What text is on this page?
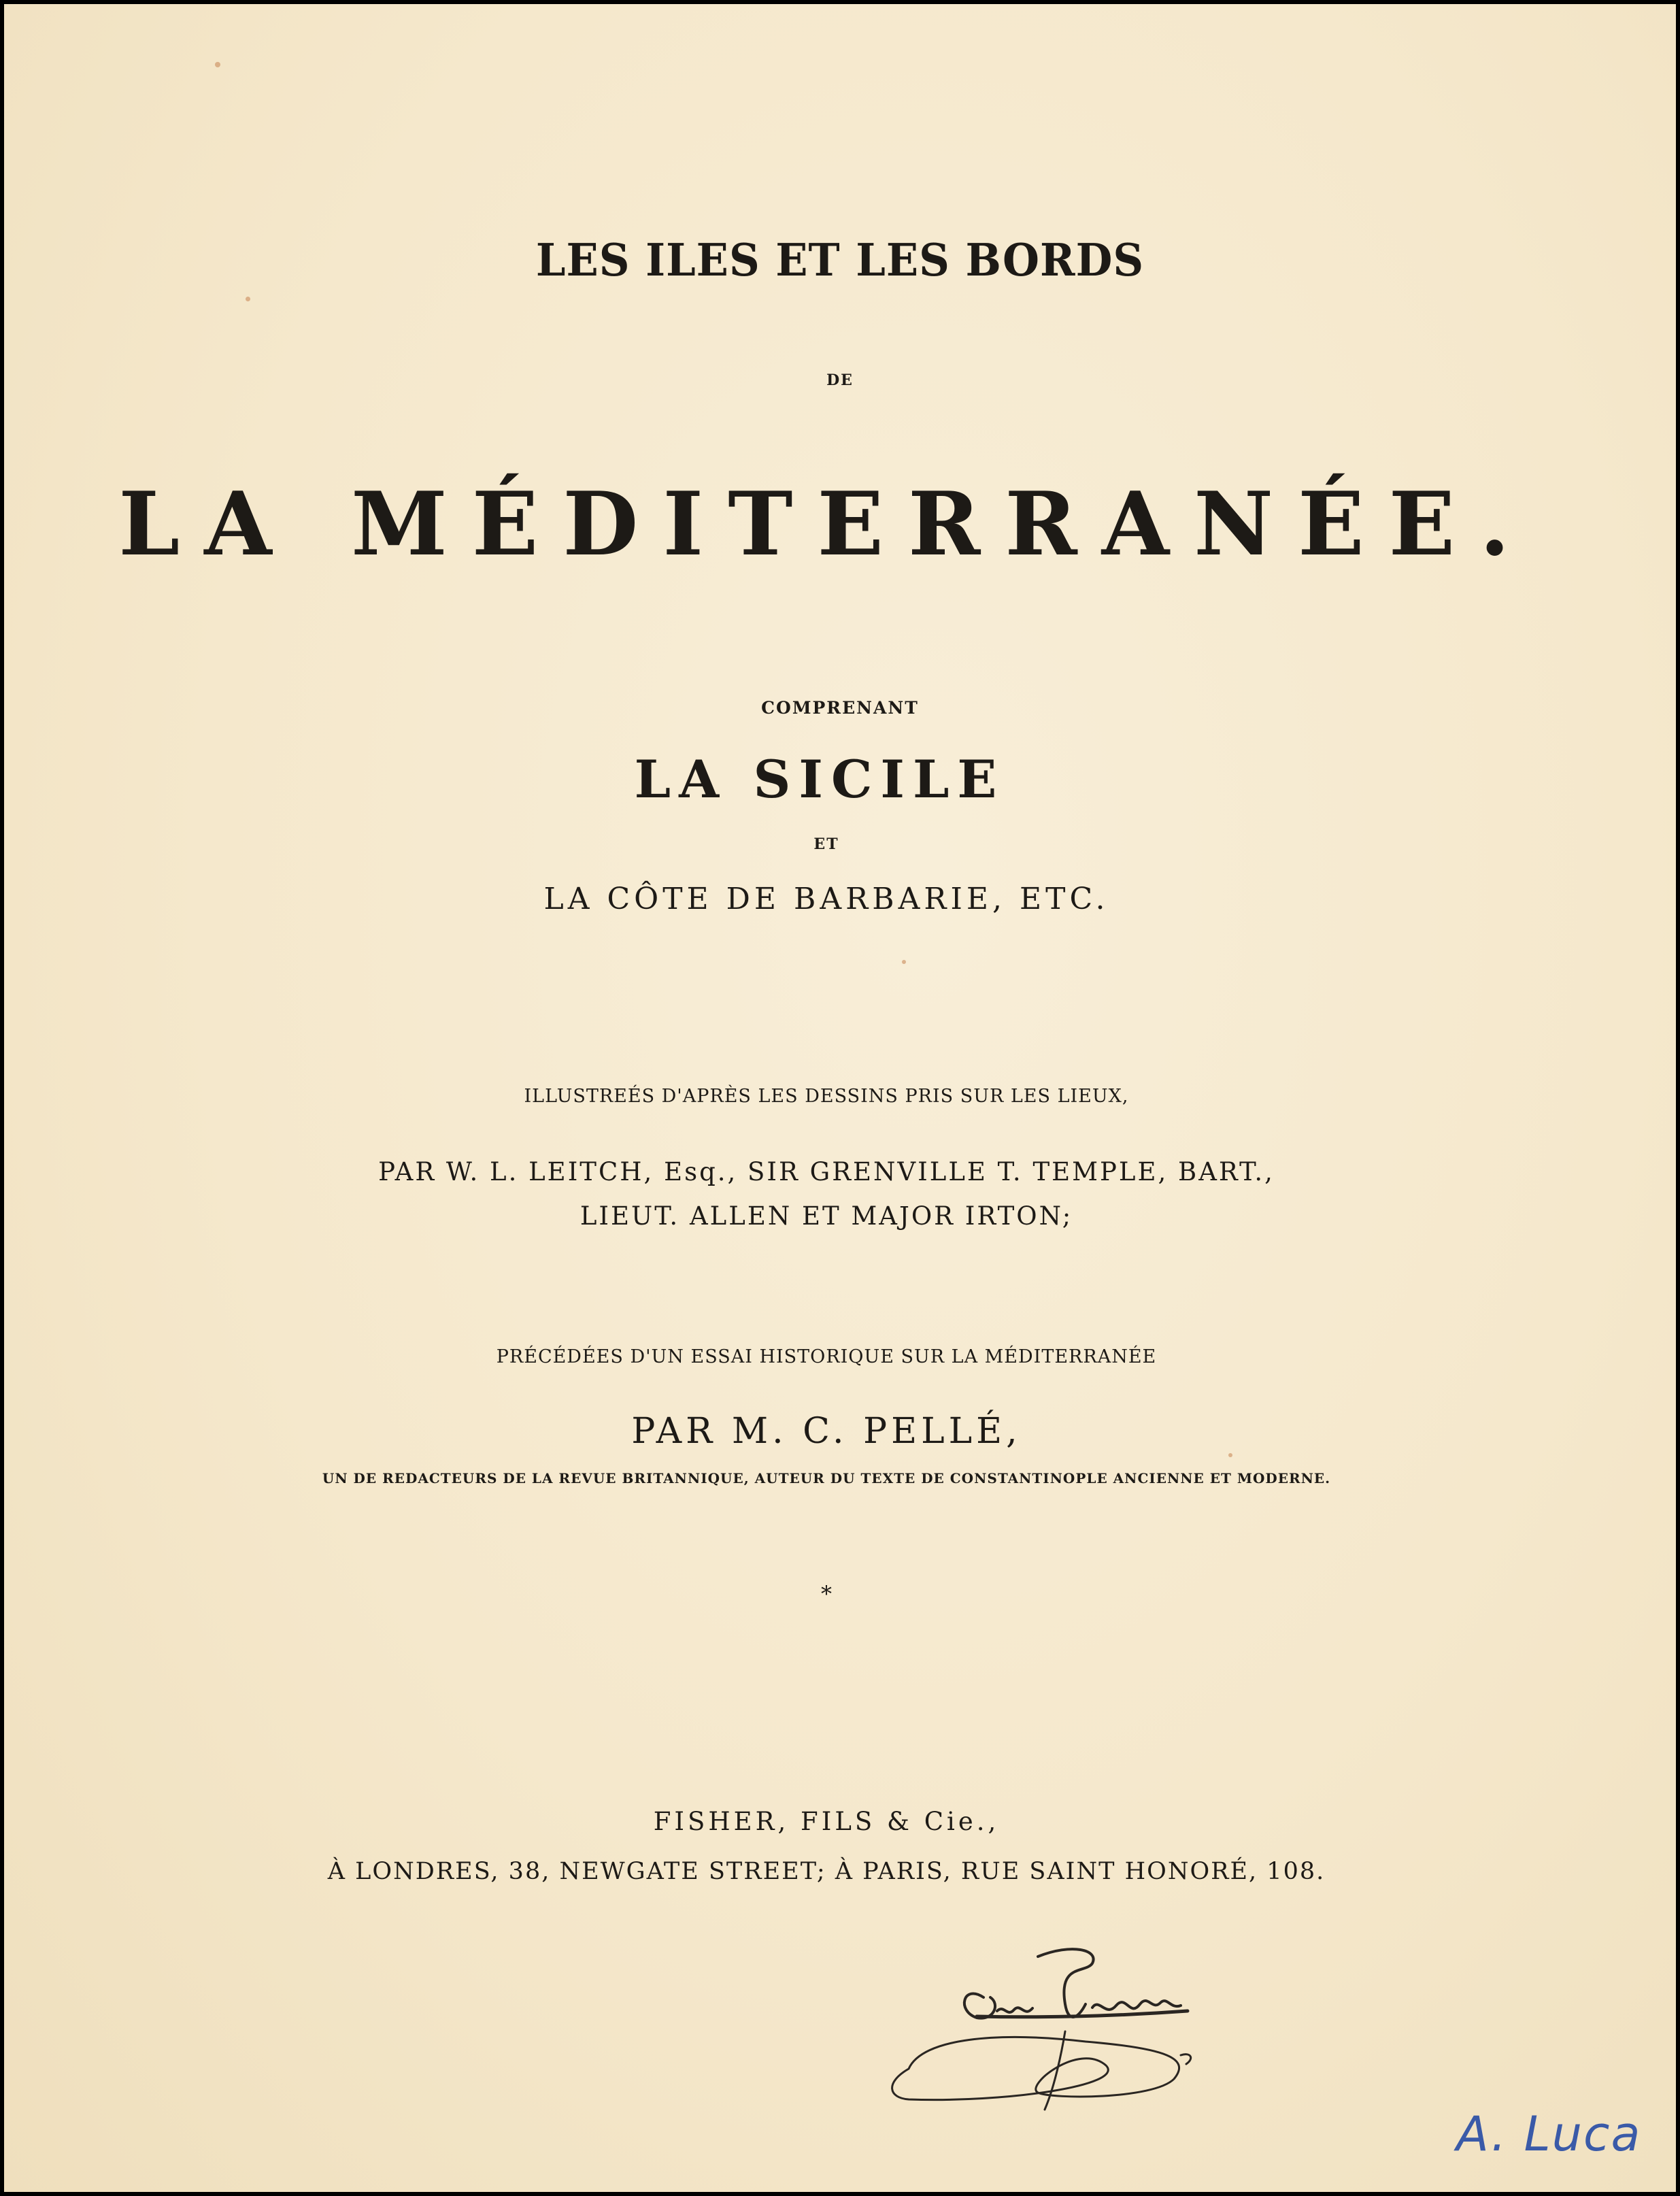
LES ILES ET LES BORDS
DE
LA MÉDITERRANÉE.
COMPRENANT
LA SICILE
ET
LA CÔTE DE BARBARIE, ETC.
ILLUSTREÉS D'APRÈS LES DESSINS PRIS SUR LES LIEUX,
PAR W. L. LEITCH, Esq., SIR GRENVILLE T. TEMPLE, BART.,
LIEUT. ALLEN ET MAJOR IRTON;
PRÉCÉDÉES D'UN ESSAI HISTORIQUE SUR LA MÉDITERRANÉE
PAR M. C. PELLÉ,
UN DE REDACTEURS DE LA REVUE BRITANNIQUE, AUTEUR DU TEXTE DE CONSTANTINOPLE ANCIENNE ET MODERNE.
*
FISHER, FILS & Cie.,
À LONDRES, 38, NEWGATE STREET; À PARIS, RUE SAINT HONORÉ, 108.
A. Luca
